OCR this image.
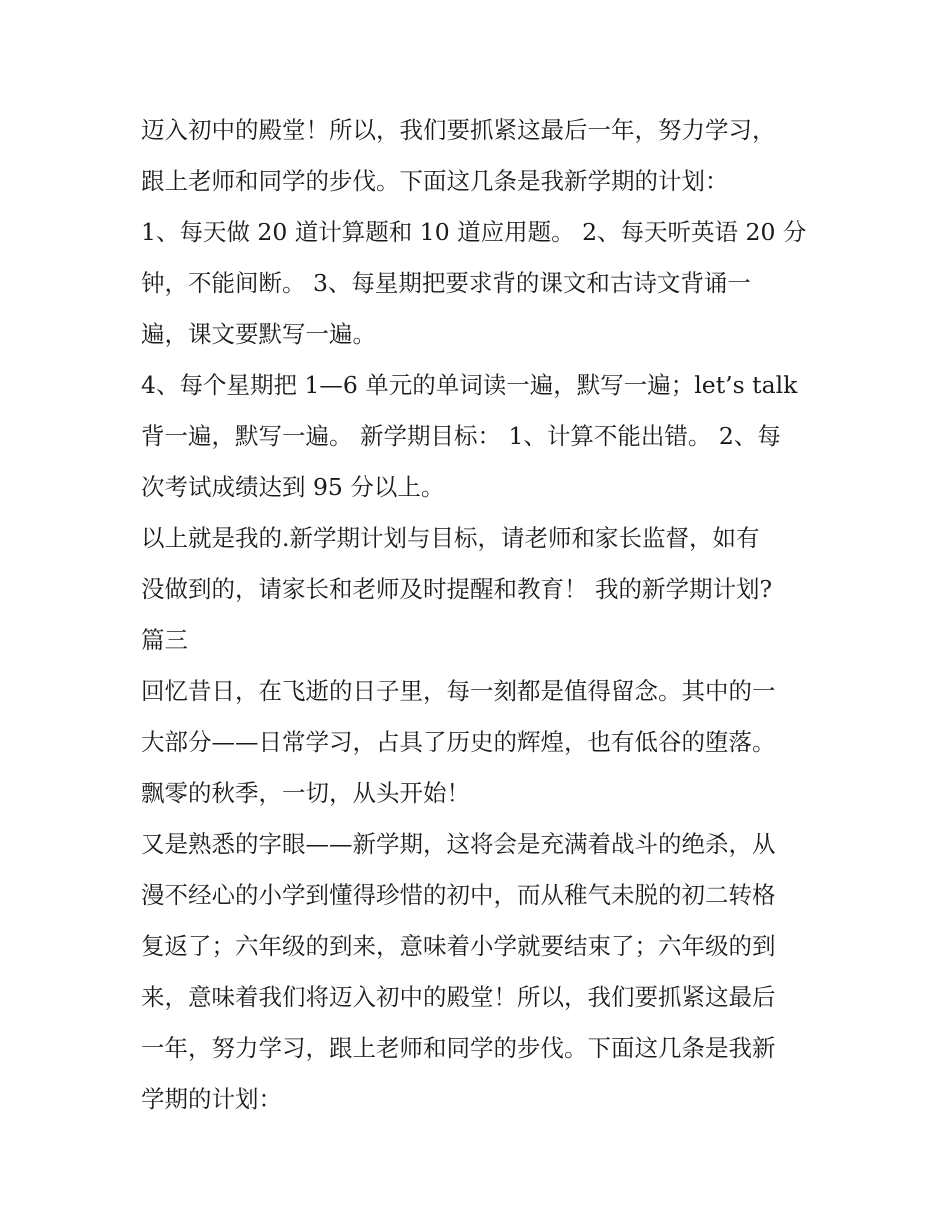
迈入初中的殿堂！所以，我们要抓紧这最后一年，努力学习，
跟上老师和同学的步伐。下面这几条是我新学期的计划：
1、每天做 20 道计算题和 10 道应用题。 2、每天听英语 20 分
钟，不能间断。 3、每星期把要求背的课文和古诗文背诵一
遍，课文要默写一遍。
4、每个星期把 1—6 单元的单词读一遍，默写一遍；let’s talk
背一遍，默写一遍。 新学期目标： 1、计算不能出错。 2、每
次考试成绩达到 95 分以上。
以上就是我的.新学期计划与目标，请老师和家长监督，如有
没做到的，请家长和老师及时提醒和教育！ 我的新学期计划?
篇三
回忆昔日，在飞逝的日子里，每一刻都是值得留念。其中的一
大部分——日常学习，占具了历史的辉煌，也有低谷的堕落。
飘零的秋季，一切，从头开始！
又是熟悉的字眼——新学期，这将会是充满着战斗的绝杀，从
漫不经心的小学到懂得珍惜的初中，而从稚气未脱的初二转格
复返了；六年级的到来，意味着小学就要结束了；六年级的到
来，意味着我们将迈入初中的殿堂！所以，我们要抓紧这最后
一年，努力学习，跟上老师和同学的步伐。下面这几条是我新
学期的计划：
